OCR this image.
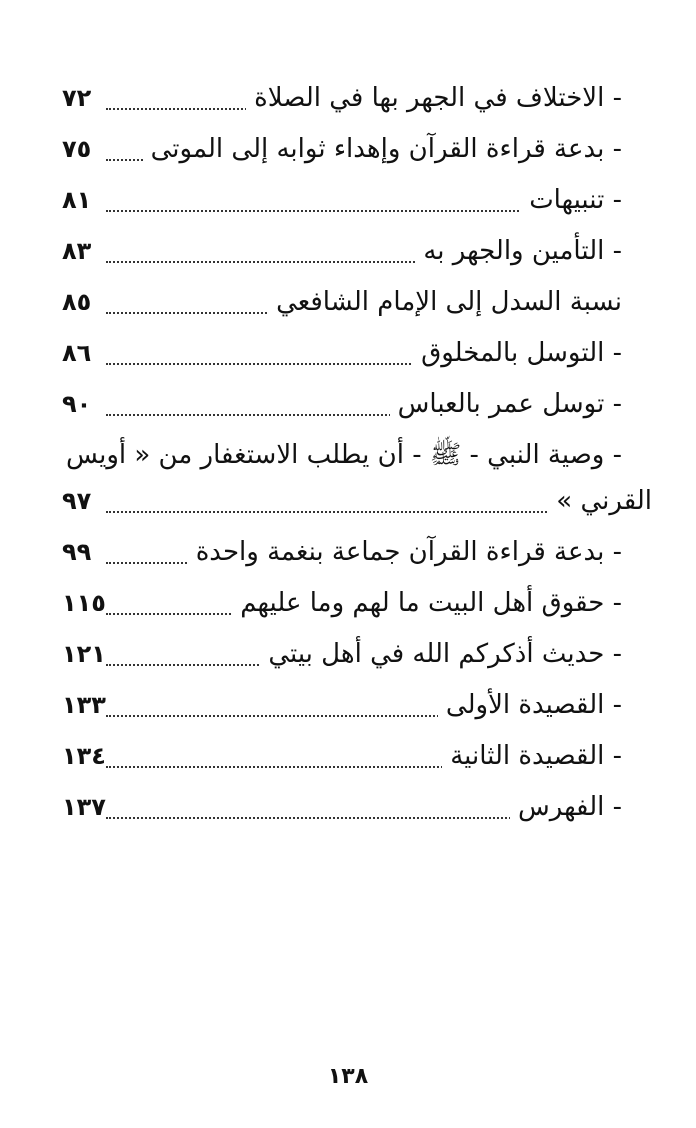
- الاختلاف في الجهر بها في الصلاة
٧٢
- بدعة قراءة القرآن وإهداء ثوابه إلى الموتى
٧٥
- تنبيهات
٨١
- التأمين والجهر به
٨٣
نسبة السدل إلى الإمام الشافعي
٨٥
- التوسل بالمخلوق
٨٦
- توسل عمر بالعباس
٩٠
- وصية النبي - ﷺ - أن يطلب الاستغفار من « أويس
القرني »
٩٧
- بدعة قراءة القرآن جماعة بنغمة واحدة
٩٩
- حقوق أهل البيت ما لهم وما عليهم
١١٥
- حديث أذكركم الله في أهل بيتي
١٢١
- القصيدة الأولى
١٣٣
- القصيدة الثانية
١٣٤
- الفهرس
١٣٧
١٣٨
